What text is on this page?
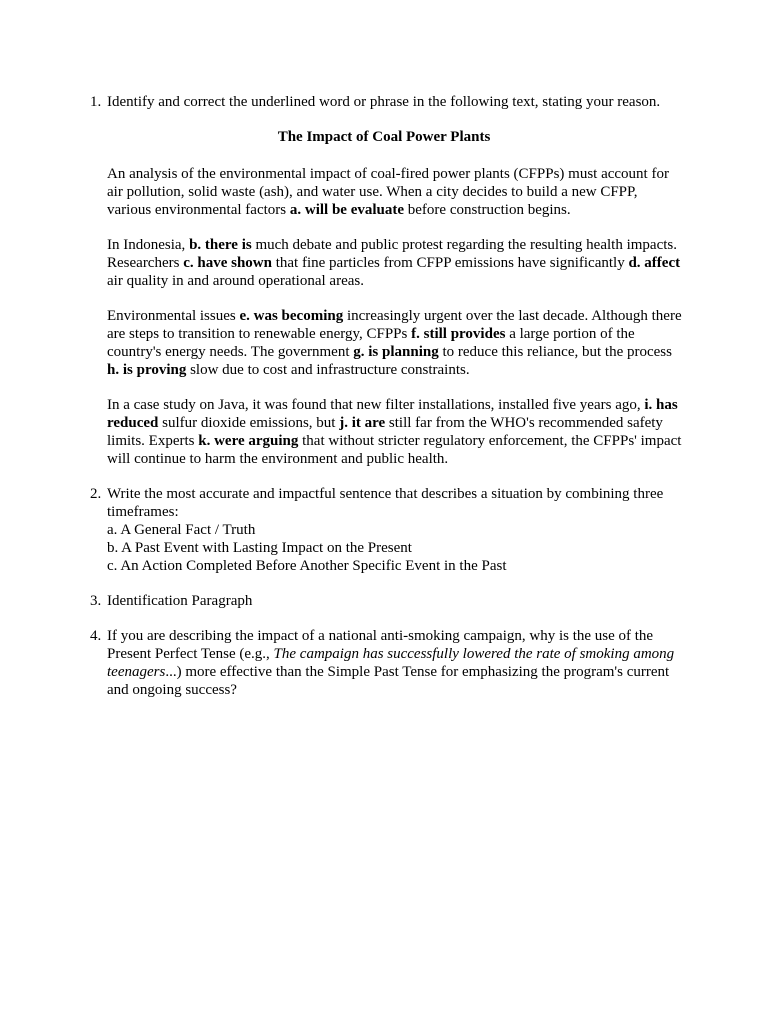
1. Identify and correct the underlined word or phrase in the following text, stating your reason.
The Impact of Coal Power Plants
An analysis of the environmental impact of coal-fired power plants (CFPPs) must account for air pollution, solid waste (ash), and water use. When a city decides to build a new CFPP, various environmental factors a. will be evaluate before construction begins.
In Indonesia, b. there is much debate and public protest regarding the resulting health impacts. Researchers c. have shown that fine particles from CFPP emissions have significantly d. affect air quality in and around operational areas.
Environmental issues e. was becoming increasingly urgent over the last decade. Although there are steps to transition to renewable energy, CFPPs f. still provides a large portion of the country's energy needs. The government g. is planning to reduce this reliance, but the process h. is proving slow due to cost and infrastructure constraints.
In a case study on Java, it was found that new filter installations, installed five years ago, i. has reduced sulfur dioxide emissions, but j. it are still far from the WHO's recommended safety limits. Experts k. were arguing that without stricter regulatory enforcement, the CFPPs' impact will continue to harm the environment and public health.
2. Write the most accurate and impactful sentence that describes a situation by combining three timeframes:
a. A General Fact / Truth
b. A Past Event with Lasting Impact on the Present
c. An Action Completed Before Another Specific Event in the Past
3. Identification Paragraph
4. If you are describing the impact of a national anti-smoking campaign, why is the use of the Present Perfect Tense (e.g., The campaign has successfully lowered the rate of smoking among teenagers...) more effective than the Simple Past Tense for emphasizing the program's current and ongoing success?
